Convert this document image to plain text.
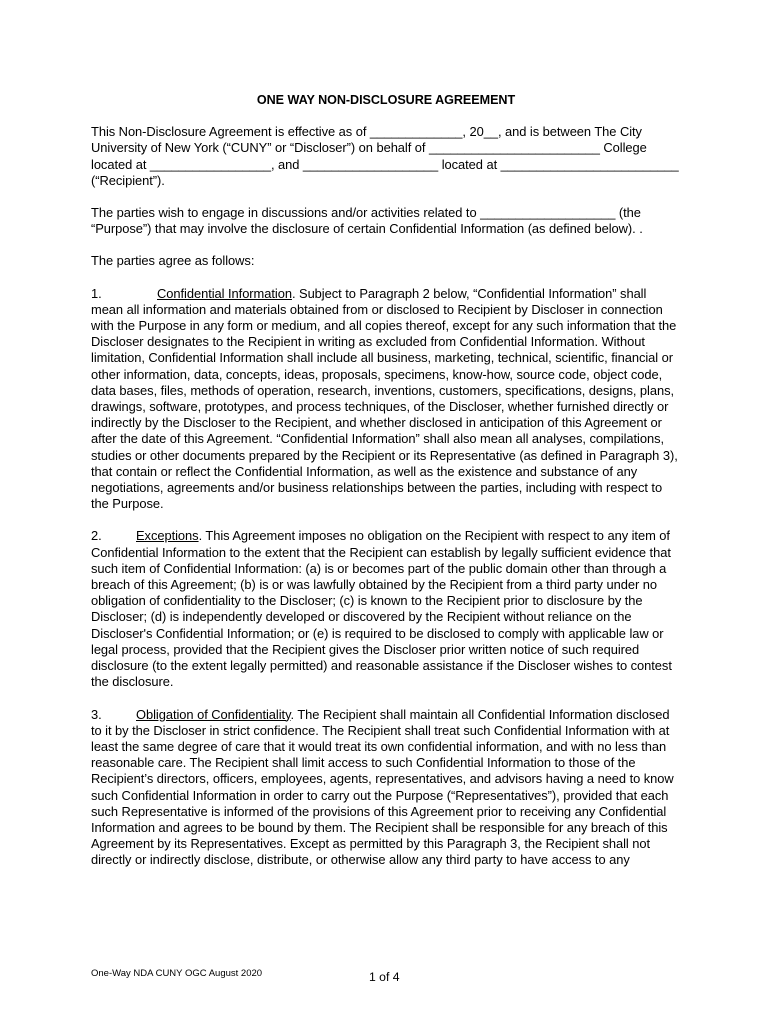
ONE WAY NON-DISCLOSURE AGREEMENT
This Non-Disclosure Agreement is effective as of _____________, 20__, and is between The City University of New York (“CUNY” or “Discloser”) on behalf of ________________________ College located at _________________, and ___________________ located at _________________________ (“Recipient”).
The parties wish to engage in discussions and/or activities related to ___________________ (the “Purpose”) that may involve the disclosure of certain Confidential Information (as defined below). .
The parties agree as follows:
1.	Confidential Information. Subject to Paragraph 2 below, “Confidential Information” shall mean all information and materials obtained from or disclosed to Recipient by Discloser in connection with the Purpose in any form or medium, and all copies thereof, except for any such information that the Discloser designates to the Recipient in writing as excluded from Confidential Information. Without limitation, Confidential Information shall include all business, marketing, technical, scientific, financial or other information, data, concepts, ideas, proposals, specimens, know-how, source code, object code, data bases, files, methods of operation, research, inventions, customers, specifications, designs, plans, drawings, software, prototypes, and process techniques, of the Discloser, whether furnished directly or indirectly by the Discloser to the Recipient, and whether disclosed in anticipation of this Agreement or after the date of this Agreement. “Confidential Information” shall also mean all analyses, compilations, studies or other documents prepared by the Recipient or its Representative (as defined in Paragraph 3), that contain or reflect the Confidential Information, as well as the existence and substance of any negotiations, agreements and/or business relationships between the parties, including with respect to the Purpose.
2.	Exceptions. This Agreement imposes no obligation on the Recipient with respect to any item of Confidential Information to the extent that the Recipient can establish by legally sufficient evidence that such item of Confidential Information: (a) is or becomes part of the public domain other than through a breach of this Agreement; (b) is or was lawfully obtained by the Recipient from a third party under no obligation of confidentiality to the Discloser; (c) is known to the Recipient prior to disclosure by the Discloser; (d) is independently developed or discovered by the Recipient without reliance on the Discloser's Confidential Information; or (e) is required to be disclosed to comply with applicable law or legal process, provided that the Recipient gives the Discloser prior written notice of such required disclosure (to the extent legally permitted) and reasonable assistance if the Discloser wishes to contest the disclosure.
3.	Obligation of Confidentiality. The Recipient shall maintain all Confidential Information disclosed to it by the Discloser in strict confidence. The Recipient shall treat such Confidential Information with at least the same degree of care that it would treat its own confidential information, and with no less than reasonable care. The Recipient shall limit access to such Confidential Information to those of the Recipient’s directors, officers, employees, agents, representatives, and advisors having a need to know such Confidential Information in order to carry out the Purpose (“Representatives”), provided that each such Representative is informed of the provisions of this Agreement prior to receiving any Confidential Information and agrees to be bound by them. The Recipient shall be responsible for any breach of this Agreement by its Representatives. Except as permitted by this Paragraph 3, the Recipient shall not directly or indirectly disclose, distribute, or otherwise allow any third party to have access to any
One-Way NDA CUNY OGC August 2020	1 of 4
